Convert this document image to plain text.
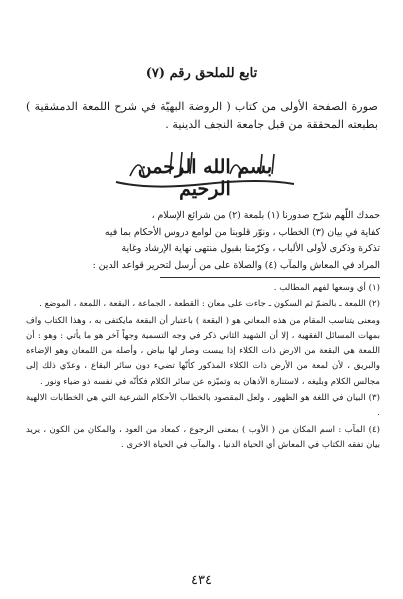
تابع للملحق رقم (٧)
صورة الصفحة الأولى من كتاب ( الروضة البهيّة في شرح اللمعة الدمشقية ) بطبعته المحققة من قبل جامعة النجف الدينية .
بسم الله الرحمن الرحيم
حمدك اللّهم شرّح صدورنا (١) بلمعة (٢) من شرائع الإسلام ،
كفاية في بيان (٣) الخطاب ، ونوّر قلوبنا من لوامع دروس الأحكام بما فيه
تذكرة وذكرى لأولى الألباب ، وكرّمنا بقبول منتهى نهاية الإرشاد وغاية
المراد في المعاش والمآب (٤) والصلاة على من أرسل لتحرير قواعد الدين :

(١) أي وسعها لفهم المطالب .

(٢) اللمعة ـ بالضمّ ثم السكون ـ جاءت على معان : القطعة ، الجماعة ، البقعة ، اللمعة ، الموضع .

ومعنى يتناسب المقام من هذه المعاني هو ( البقعة ) باعتبار أن البقعة مايكتفى به ، وهذا الكتاب واف بمهات المسائل الفقهية ، إلا أن الشهيد الثاني ذكر في وجه التسمية وجهاً آخر هو ما يأتي : وهو : أن اللمعة هي البقعة من الارض ذات الكلاء إذا يبست وصار لها بياض ، وأصله من اللمعان وهو الإضاءة والبريق ، لأن لمعة من الأرض ذات الكلاء المذكور كأنّها تضيء دون سائر البقاع ، وعدّي ذلك إلى مجالس الكلام وبليغه ، لاستنارة الأذهان به وتميّزه عن سائر الكلام فكأنّه في نفسه ذو ضياء ونور .

(٣) البيان في اللغة هو الظهور ، ولعل المقصود بالخطاب الأحكام الشرعية التي هي الخطابات الالهية .

(٤) المآب : اسم المكان من ( الأوب ) بمعنى الرجوع ، كمعاد من العود ، والمكان من الكون ، يريد بيان تفقه الكتاب في المعاش أي الحياة الدنيا ، والمآب في الحياة الاخرى .

٤٣٤
